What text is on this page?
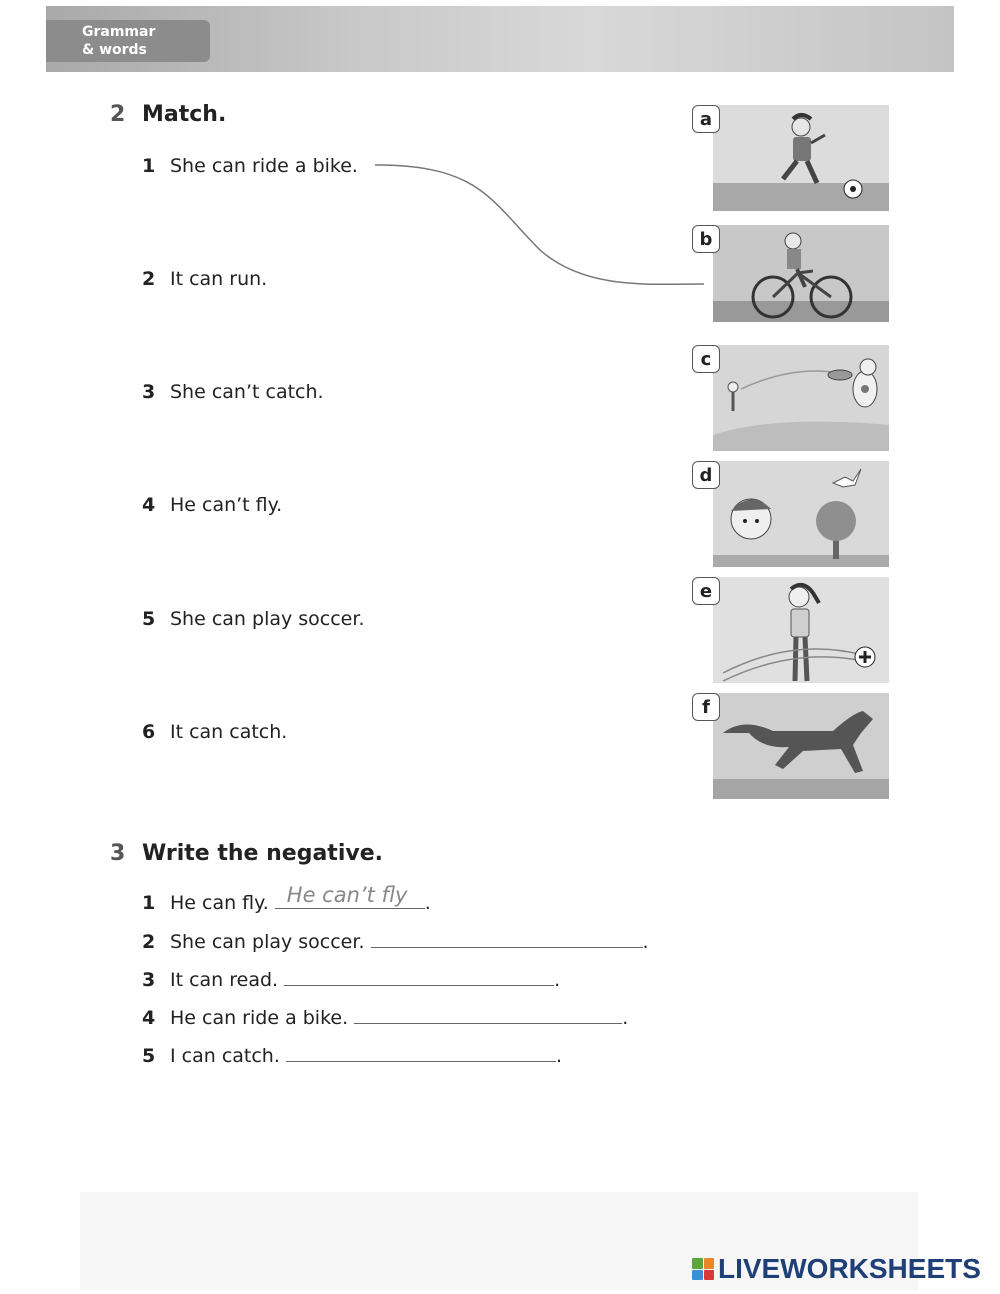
Grammar
& words
2 Match.
1 She can ride a bike.
2 It can run.
3 She can’t catch.
4 He can’t fly.
5 She can play soccer.
6 It can catch.
a
b
c
d
e
f
3 Write the negative.
1 He can fly. He can’t fly .
2 She can play soccer.	.
3 It can read.	.
4 He can ride a bike.	.
5 I can catch.	.
LIVEWORKSHEETS
